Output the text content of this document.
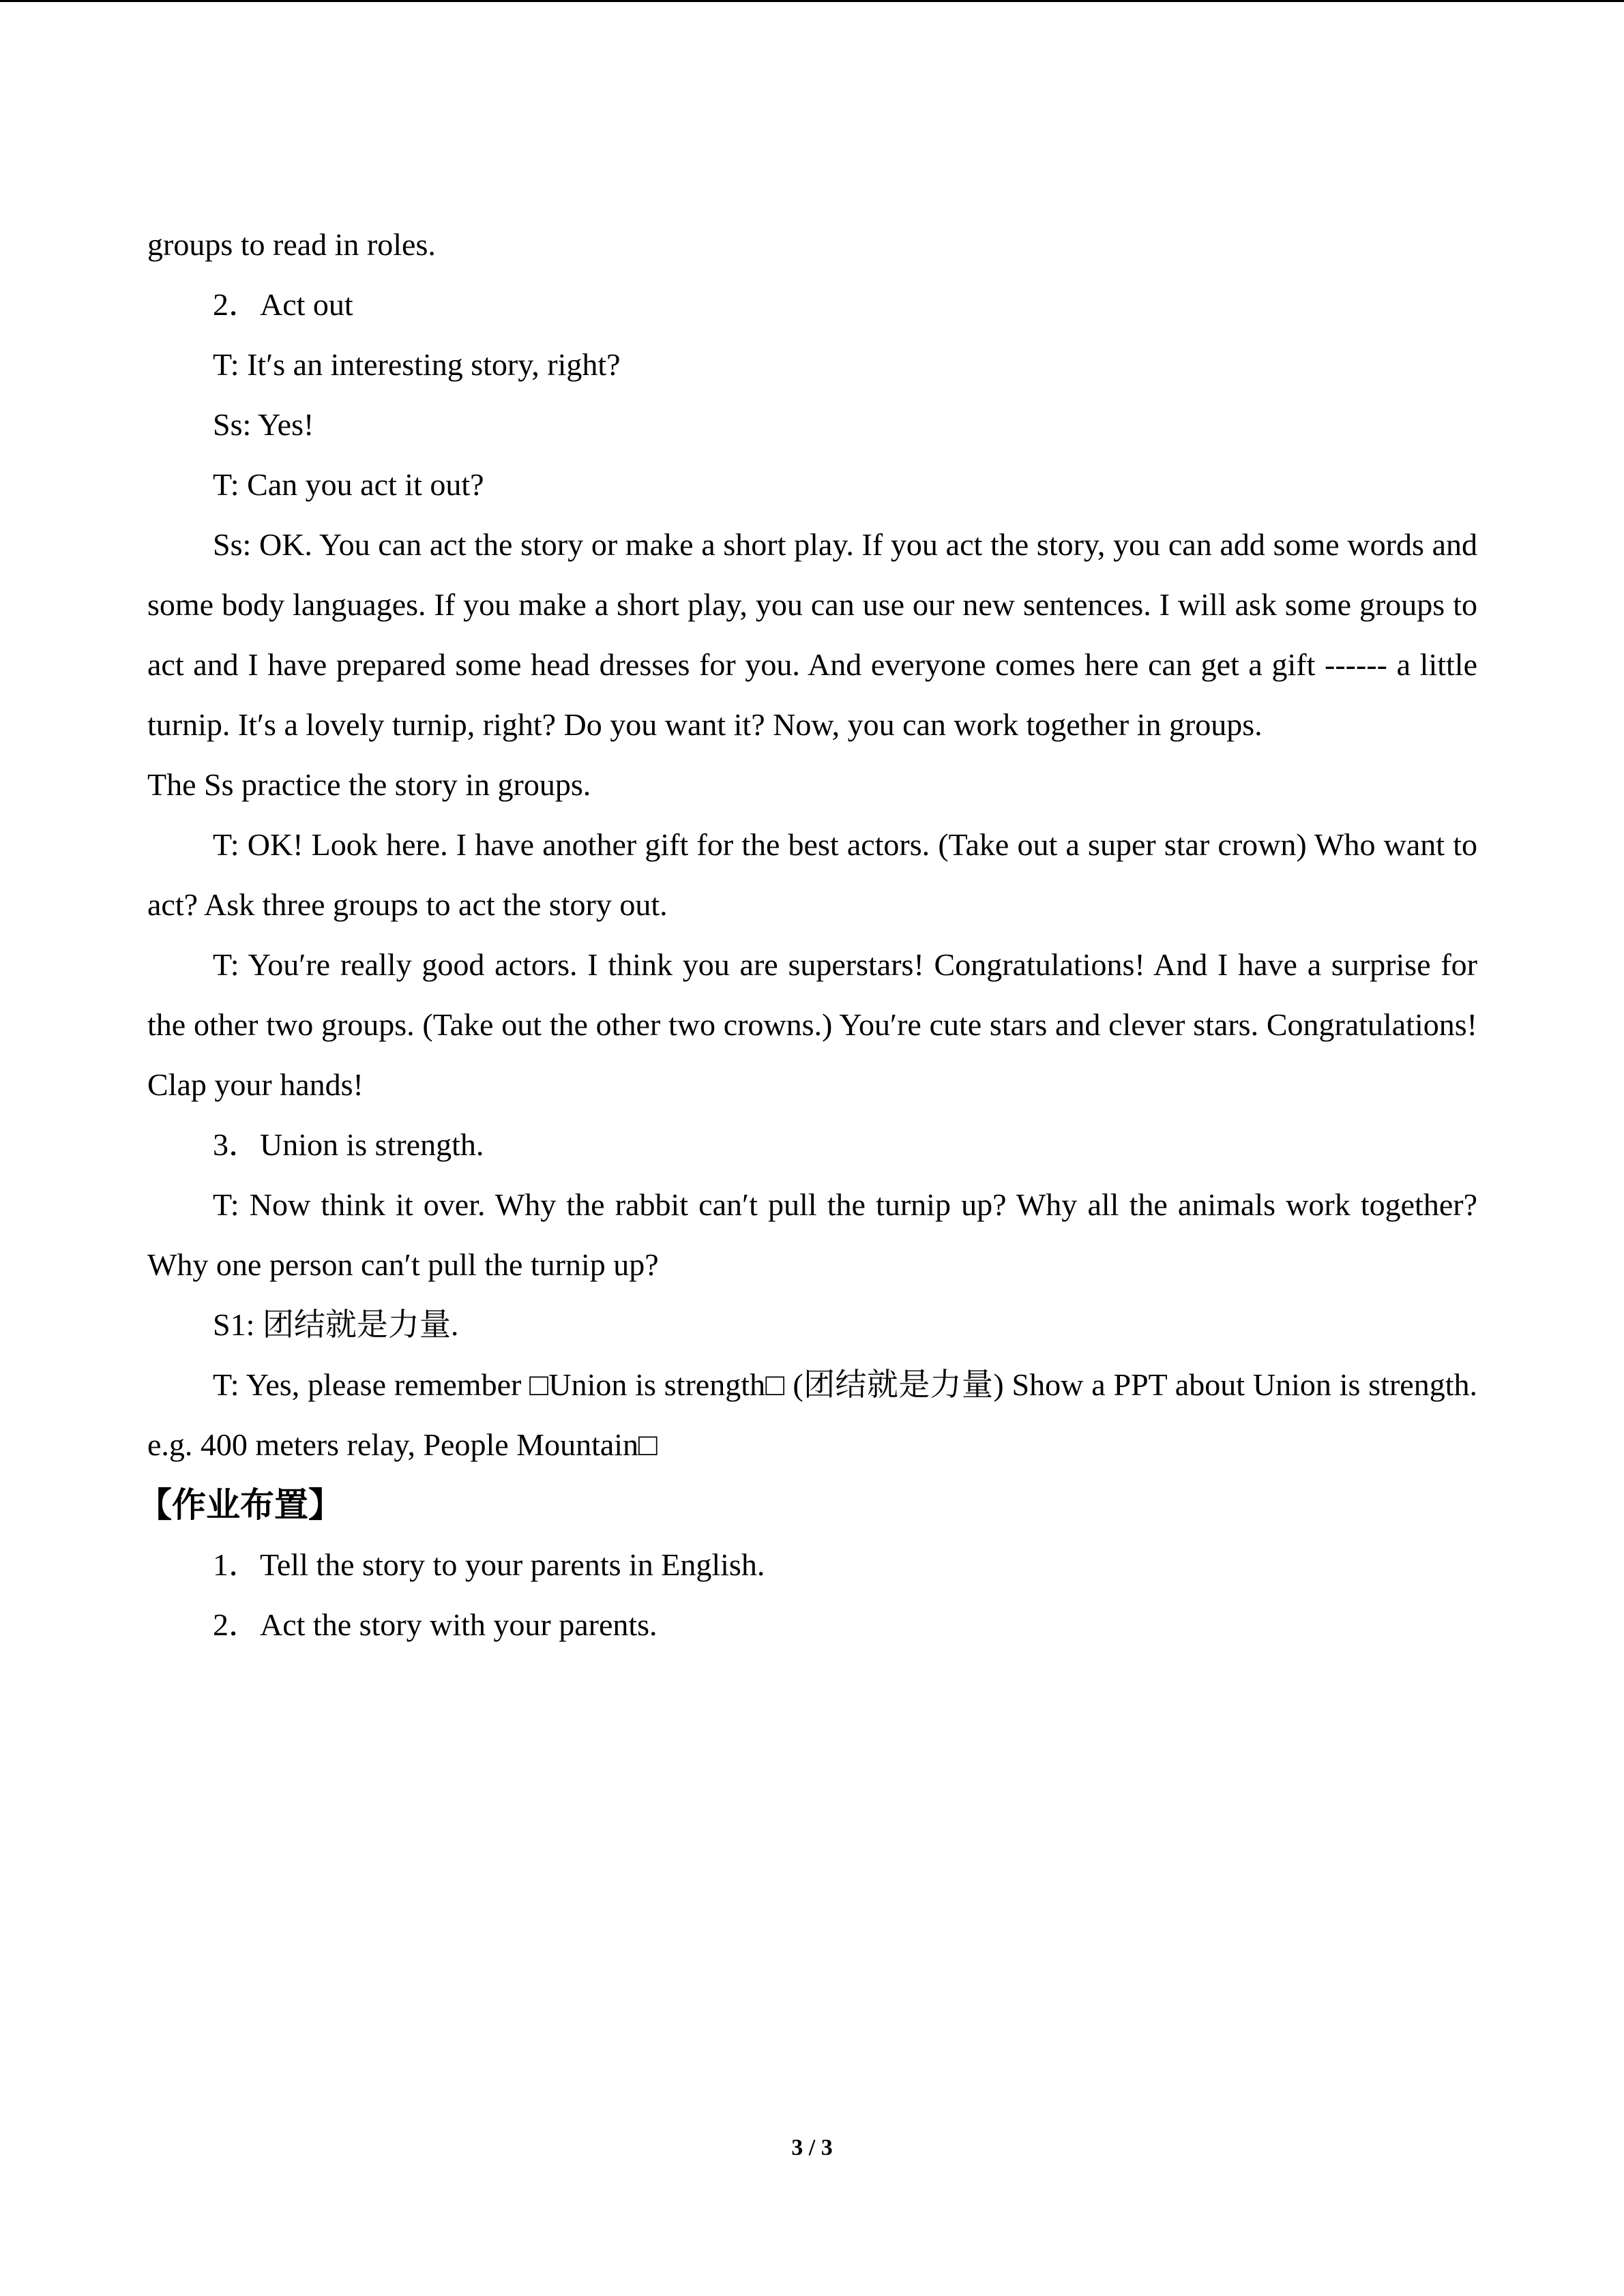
groups to read in roles.

2．Act out

T: It′s an interesting story, right?

Ss: Yes!

T: Can you act it out?

Ss: OK. You can act the story or make a short play. If you act the story, you can add some words and some body languages. If you make a short play, you can use our new sentences. I will ask some groups to act and I have prepared some head dresses for you. And everyone comes here can get a gift ------ a little turnip. It′s a lovely turnip, right? Do you want it? Now, you can work together in groups.

The Ss practice the story in groups.

T: OK! Look here. I have another gift for the best actors. (Take out a super star crown) Who want to act? Ask three groups to act the story out.

T: You′re really good actors. I think you are superstars! Congratulations! And I have a surprise for the other two groups. (Take out the other two crowns.) You′re cute stars and clever stars. Congratulations! Clap your hands!

3．Union is strength.

T: Now think it over. Why the rabbit can′t pull the turnip up? Why all the animals work together? Why one person can′t pull the turnip up?

S1: 团结就是力量.

T: Yes, please remember □Union is strength□ (团结就是力量) Show a PPT about Union is strength. e.g. 400 meters relay, People Mountain□

【作业布置】

1．Tell the story to your parents in English.

2．Act the story with your parents.

3 / 3
